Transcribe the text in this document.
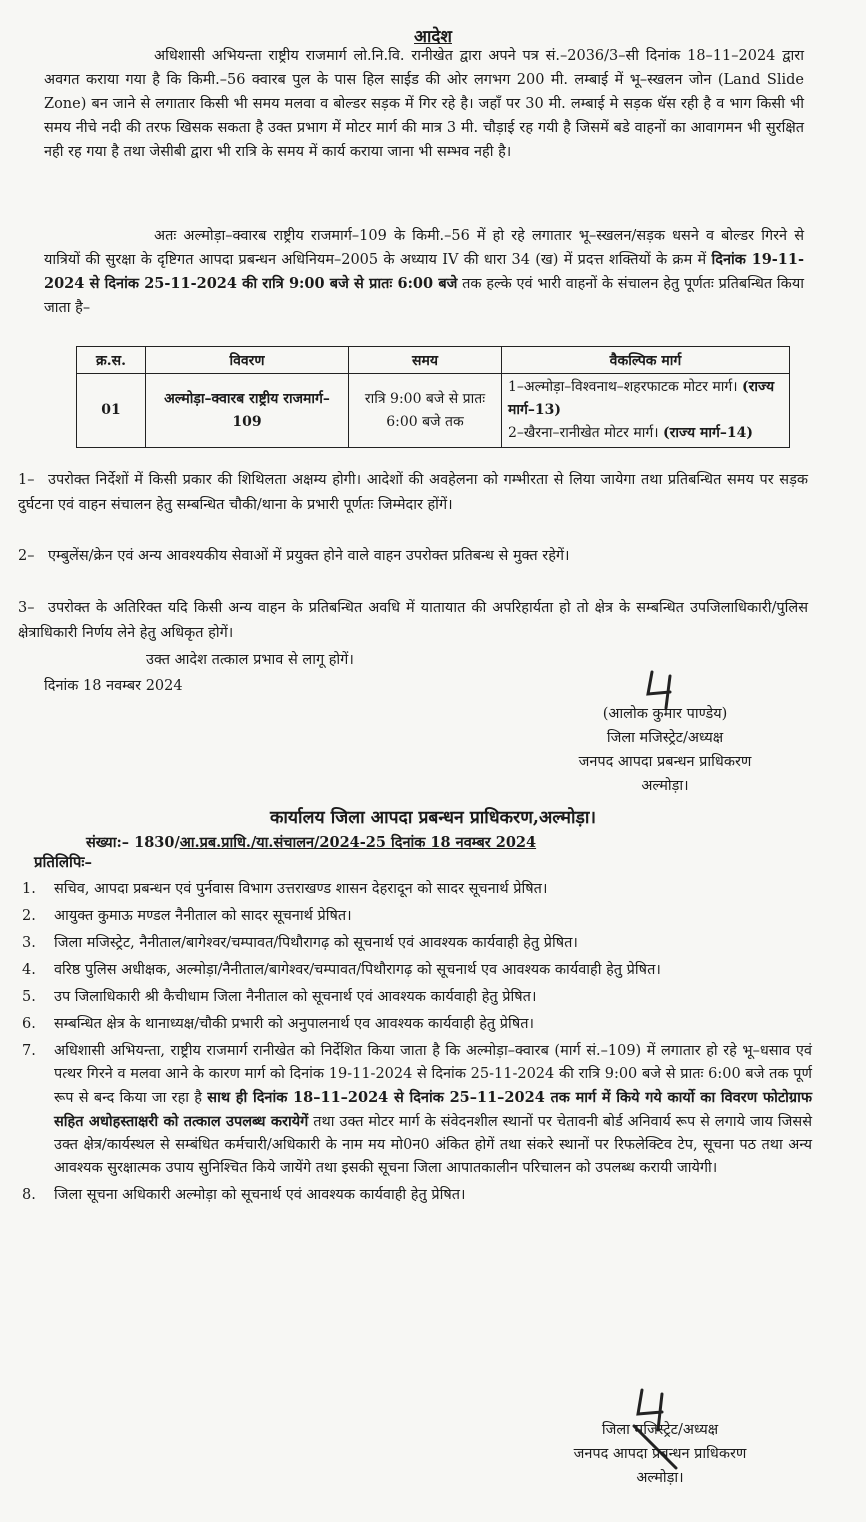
आदेश
अधिशासी अभियन्ता राष्ट्रीय राजमार्ग लो.नि.वि. रानीखेत द्वारा अपने पत्र सं.–2036/3–सी दिनांक 18–11–2024 द्वारा अवगत कराया गया है कि किमी.–56 क्वारब पुल के पास हिल साईड की ओर लगभग 200 मी. लम्बाई में भू–स्खलन जोन (Land Slide Zone) बन जाने से लगातार किसी भी समय मलवा व बोल्डर सड़क में गिर रहे है। जहॉं पर 30 मी. लम्बाई मे सड़क धॅस रही है व भाग किसी भी समय नीचे नदी की तरफ खिसक सकता है उक्त प्रभाग में मोटर मार्ग की मात्र 3 मी. चौड़ाई रह गयी है जिसमें बडे वाहनों का आवागमन भी सुरक्षित नही रह गया है तथा जेसीबी द्वारा भी रात्रि के समय में कार्य कराया जाना भी सम्भव नही है।
अतः अल्मोड़ा–क्वारब राष्ट्रीय राजमार्ग–109 के किमी.–56 में हो रहे लगातार भू–स्खलन/सड़क धसने व बोल्डर गिरने से यात्रियों की सुरक्षा के दृष्टिगत आपदा प्रबन्धन अधिनियम–2005 के अध्याय IV की धारा 34 (ख) में प्रदत्त शक्तियों के क्रम में दिनांक 19-11-2024 से दिनांक 25-11-2024 की रात्रि 9:00 बजे से प्रातः 6:00 बजे तक हल्के एवं भारी वाहनों के संचालन हेतु पूर्णतः प्रतिबन्धित किया जाता है–
क्र.स.	विवरण	समय	वैकल्पिक मार्ग
01	अल्मोड़ा–क्वारब राष्ट्रीय राजमार्ग–109	रात्रि 9:00 बजे से प्रातः 6:00 बजे तक	1–अल्मोड़ा–विश्वनाथ–शहरफाटक मोटर मार्ग। (राज्य मार्ग–13)
2–खैरना–रानीखेत मोटर मार्ग। (राज्य मार्ग–14)
1– उपरोक्त निर्देशों में किसी प्रकार की शिथिलता अक्षम्य होगी। आदेशों की अवहेलना को गम्भीरता से लिया जायेगा तथा प्रतिबन्धित समय पर सड़क दुर्घटना एवं वाहन संचालन हेतु सम्बन्धित चौकी/थाना के प्रभारी पूर्णतः जिम्मेदार होंगें।
2– एम्बुलेंस/क्रेन एवं अन्य आवश्यकीय सेवाओं में प्रयुक्त होने वाले वाहन उपरोक्त प्रतिबन्ध से मुक्त रहेगें।
3– उपरोक्त के अतिरिक्त यदि किसी अन्य वाहन के प्रतिबन्धित अवधि में यातायात की अपरिहार्यता हो तो क्षेत्र के सम्बन्धित उपजिलाधिकारी/पुलिस क्षेत्राधिकारी निर्णय लेने हेतु अधिकृत होगें।
उक्त आदेश तत्काल प्रभाव से लागू होगें।
दिनांक 18 नवम्बर 2024
(आलोक कुमार पाण्डेय)
जिला मजिस्ट्रेट/अध्यक्ष
जनपद आपदा प्रबन्धन प्राधिकरण
अल्मोड़ा।
कार्यालय जिला आपदा प्रबन्धन प्राधिकरण,अल्मोड़ा।
संख्या:– 1830/आ.प्रब.प्राधि./या.संचालन/2024-25 दिनांक 18 नवम्बर 2024
प्रतिलिपिः–
1.	सचिव, आपदा प्रबन्धन एवं पुर्नवास विभाग उत्तराखण्ड शासन देहरादून को सादर सूचनार्थ प्रेषित।
2.	आयुक्त कुमाऊ मण्डल नैनीताल को सादर सूचनार्थ प्रेषित।
3.	जिला मजिस्ट्रेट, नैनीताल/बागेश्वर/चम्पावत/पिथौरागढ़ को सूचनार्थ एवं आवश्यक कार्यवाही हेतु प्रेषित।
4.	वरिष्ठ पुलिस अधीक्षक, अल्मोड़ा/नैनीताल/बागेश्वर/चम्पावत/पिथौरागढ़ को सूचनार्थ एव आवश्यक कार्यवाही हेतु प्रेषित।
5.	उप जिलाधिकारी श्री कैचीधाम जिला नैनीताल को सूचनार्थ एवं आवश्यक कार्यवाही हेतु प्रेषित।
6.	सम्बन्धित क्षेत्र के थानाध्यक्ष/चौकी प्रभारी को अनुपालनार्थ एव आवश्यक कार्यवाही हेतु प्रेषित।
7.	अधिशासी अभियन्ता, राष्ट्रीय राजमार्ग रानीखेत को निर्देशित किया जाता है कि अल्मोड़ा–क्वारब (मार्ग सं.–109) में लगातार हो रहे भू–धसाव एवं पत्थर गिरने व मलवा आने के कारण मार्ग को दिनांक 19-11-2024 से दिनांक 25-11-2024 की रात्रि 9:00 बजे से प्रातः 6:00 बजे तक पूर्ण रूप से बन्द किया जा रहा है साथ ही दिनांक 18–11–2024 से दिनांक 25–11–2024 तक मार्ग में किये गये कार्यो का विवरण फोटोग्राफ सहित अधोहस्ताक्षरी को तत्काल उपलब्ध करायेगें तथा उक्त मोटर मार्ग के संवेदनशील स्थानों पर चेतावनी बोर्ड अनिवार्य रूप से लगाये जाय जिससे उक्त क्षेत्र/कार्यस्थल से सम्बंधित कर्मचारी/अधिकारी के नाम मय मो0न0 अंकित होगें तथा संकरे स्थानों पर रिफलेक्टिव टेप, सूचना पठ तथा अन्य आवश्यक सुरक्षात्मक उपाय सुनिश्चित किये जायेंगे तथा इसकी सूचना जिला आपातकालीन परिचालन को उपलब्ध करायी जायेगी।
8.	जिला सूचना अधिकारी अल्मोड़ा को सूचनार्थ एवं आवश्यक कार्यवाही हेतु प्रेषित।
जिला मजिस्ट्रेट/अध्यक्ष
जनपद आपदा प्रबन्धन प्राधिकरण
अल्मोड़ा।
